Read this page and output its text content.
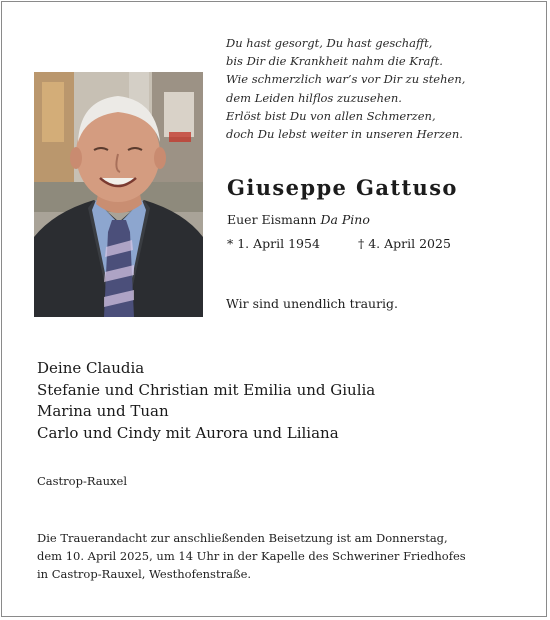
Du hast gesorgt, Du hast geschafft,
bis Dir die Krankheit nahm die Kraft.
Wie schmerzlich war’s vor Dir zu stehen,
dem Leiden hilflos zuzusehen.
Erlöst bist Du von allen Schmerzen,
doch Du lebst weiter in unseren Herzen.
Giuseppe Gattuso
Euer Eismann Da Pino
* 1. April 1954	† 4. April 2025
Wir sind unendlich traurig.
Deine Claudia
Stefanie und Christian mit Emilia und Giulia
Marina und Tuan
Carlo und Cindy mit Aurora und Liliana
Castrop-Rauxel
Die Trauerandacht zur anschließenden Beisetzung ist am Donnerstag,
dem 10. April 2025, um 14 Uhr in der Kapelle des Schweriner Friedhofes
in Castrop-Rauxel, Westhofenstraße.
